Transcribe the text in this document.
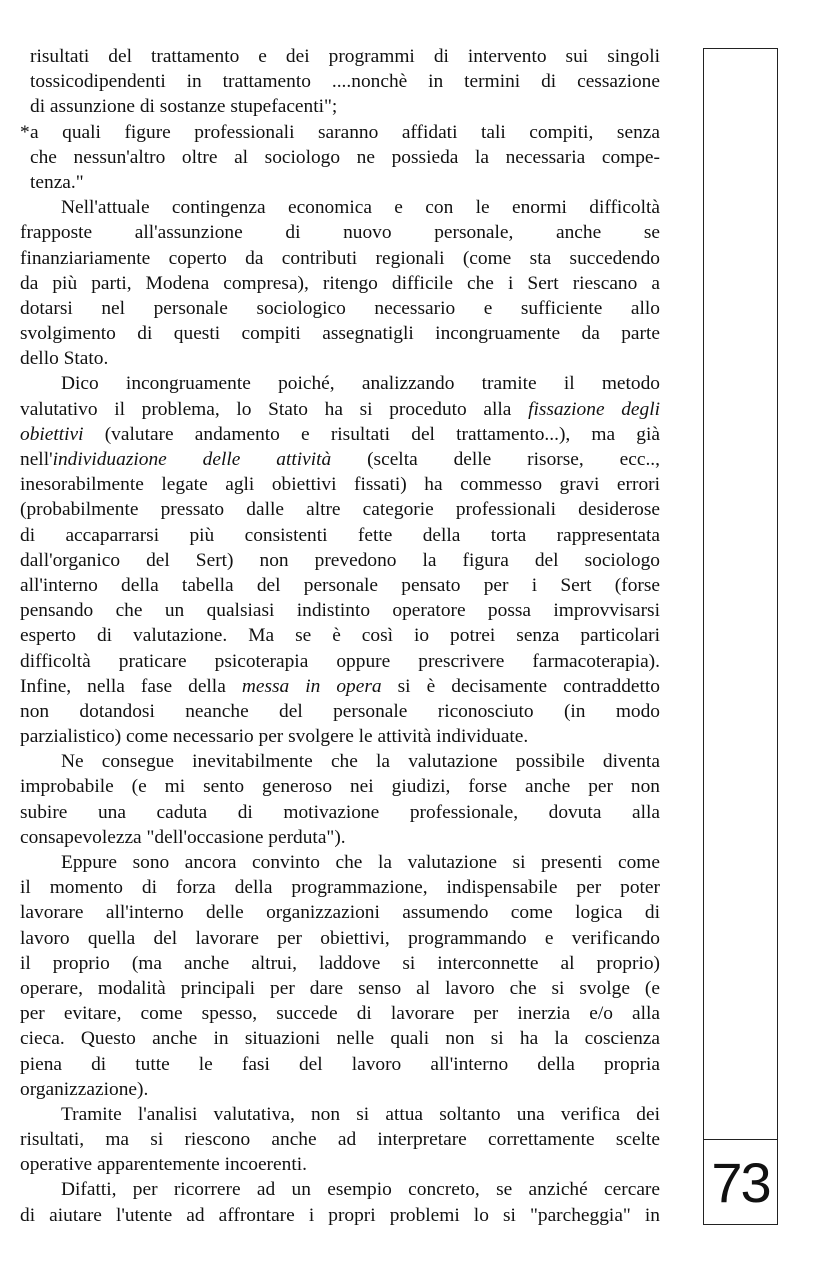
risultati del trattamento e dei programmi di intervento sui singoli
tossicodipendenti in trattamento ....nonchè in termini di cessazione
di assunzione di sostanze stupefacenti";
*a quali figure professionali saranno affidati tali compiti, senza
che nessun'altro oltre al sociologo ne possieda la necessaria compe-
tenza."
Nell'attuale contingenza economica e con le enormi difficoltà
frapposte all'assunzione di nuovo personale, anche se
finanziariamente coperto da contributi regionali (come sta succedendo
da più parti, Modena compresa), ritengo difficile che i Sert riescano a
dotarsi nel personale sociologico necessario e sufficiente allo
svolgimento di questi compiti assegnatigli incongruamente da parte
dello Stato.
Dico incongruamente poiché, analizzando tramite il metodo
valutativo il problema, lo Stato ha si proceduto alla fissazione degli
obiettivi (valutare andamento e risultati del trattamento...), ma già
nell'individuazione delle attività (scelta delle risorse, ecc..,
inesorabilmente legate agli obiettivi fissati) ha commesso gravi errori
(probabilmente pressato dalle altre categorie professionali desiderose
di accaparrarsi più consistenti fette della torta rappresentata
dall'organico del Sert) non prevedono la figura del sociologo
all'interno della tabella del personale pensato per i Sert (forse
pensando che un qualsiasi indistinto operatore possa improvvisarsi
esperto di valutazione. Ma se è così io potrei senza particolari
difficoltà praticare psicoterapia oppure prescrivere farmacoterapia).
Infine, nella fase della messa in opera si è decisamente contraddetto
non dotandosi neanche del personale riconosciuto (in modo
parzialistico) come necessario per svolgere le attività individuate.
Ne consegue inevitabilmente che la valutazione possibile diventa
improbabile (e mi sento generoso nei giudizi, forse anche per non
subire una caduta di motivazione professionale, dovuta alla
consapevolezza "dell'occasione perduta").
Eppure sono ancora convinto che la valutazione si presenti come
il momento di forza della programmazione, indispensabile per poter
lavorare all'interno delle organizzazioni assumendo come logica di
lavoro quella del lavorare per obiettivi, programmando e verificando
il proprio (ma anche altrui, laddove si interconnette al proprio)
operare, modalità principali per dare senso al lavoro che si svolge (e
per evitare, come spesso, succede di lavorare per inerzia e/o alla
cieca. Questo anche in situazioni nelle quali non si ha la coscienza
piena di tutte le fasi del lavoro all'interno della propria
organizzazione).
Tramite l'analisi valutativa, non si attua soltanto una verifica dei
risultati, ma si riescono anche ad interpretare correttamente scelte
operative apparentemente incoerenti.
Difatti, per ricorrere ad un esempio concreto, se anziché cercare
di aiutare l'utente ad affrontare i propri problemi lo si "parcheggia" in
73
